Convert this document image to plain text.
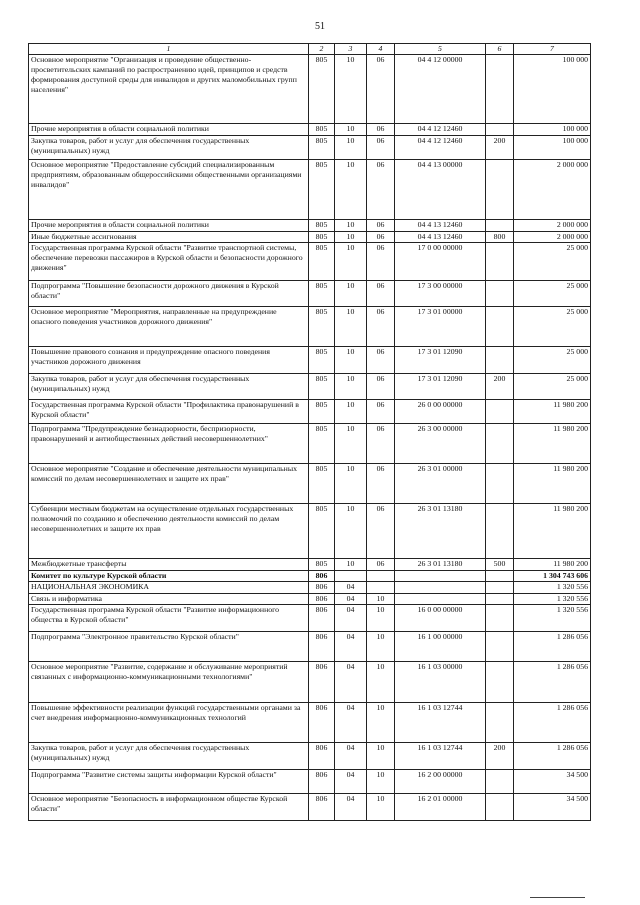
51
1	2	3	4	5	6	7
Основное мероприятие "Организация и проведение общественно-просветительских кампаний по распространению идей, принципов и средств формирования доступной среды для инвалидов и других маломобильных групп населения"	805	10	06	04 4 12 00000		100 000
Прочие мероприятия в области социальной политики	805	10	06	04 4 12 12460		100 000
Закупка товаров, работ и услуг для обеспечения государственных (муниципальных) нужд	805	10	06	04 4 12 12460	200	100 000
Основное мероприятие "Предоставление субсидий специализированным предприятиям, образованным общероссийскими общественными организациями инвалидов"	805	10	06	04 4 13 00000		2 000 000
Прочие мероприятия в области социальной политики	805	10	06	04 4 13 12460		2 000 000
Иные бюджетные ассигнования	805	10	06	04 4 13 12460	800	2 000 000
Государственная программа Курской области "Развитие транспортной системы, обеспечение перевозки пассажиров в Курской области и безопасности дорожного движения"	805	10	06	17 0 00 00000		25 000
Подпрограмма "Повышение безопасности дорожного движения в Курской области"	805	10	06	17 3 00 00000		25 000
Основное мероприятие "Мероприятия, направленные на предупреждение опасного поведения участников дорожного движения"	805	10	06	17 3 01 00000		25 000
Повышение правового сознания и предупреждение опасного поведения участников дорожного движения	805	10	06	17 3 01 12090		25 000
Закупка товаров, работ и услуг для обеспечения государственных (муниципальных) нужд	805	10	06	17 3 01 12090	200	25 000
Государственная программа Курской области "Профилактика правонарушений в Курской области"	805	10	06	26 0 00 00000		11 980 200
Подпрограмма "Предупреждение безнадзорности, беспризорности, правонарушений и антиобщественных действий несовершеннолетних"	805	10	06	26 3 00 00000		11 980 200
Основное мероприятие "Создание и обеспечение деятельности муниципальных комиссий по делам несовершеннолетних и защите их прав"	805	10	06	26 3 01 00000		11 980 200
Субвенции местным бюджетам на осуществление отдельных государственных полномочий по созданию и обеспечению деятельности комиссий по делам несовершеннолетних и защите их прав	805	10	06	26 3 01 13180		11 980 200
Межбюджетные трансферты	805	10	06	26 3 01 13180	500	11 980 200
Комитет по культуре Курской области	806					1 304 743 606
НАЦИОНАЛЬНАЯ ЭКОНОМИКА	806	04				1 320 556
Связь и информатика	806	04	10			1 320 556
Государственная программа Курской области "Развитие информационного общества в Курской области"	806	04	10	16 0 00 00000		1 320 556
Подпрограмма "Электронное правительство Курской области"	806	04	10	16 1 00 00000		1 286 056
Основное мероприятие "Развитие, содержание и обслуживание мероприятий связанных с информационно-коммуникационными технологиями"	806	04	10	16 1 03 00000		1 286 056
Повышение эффективности реализации функций государственными органами за счет внедрения информационно-коммуникационных технологий	806	04	10	16 1 03 12744		1 286 056
Закупка товаров, работ и услуг для обеспечения государственных (муниципальных) нужд	806	04	10	16 1 03 12744	200	1 286 056
Подпрограмма "Развитие системы защиты информации Курской области"	806	04	10	16 2 00 00000		34 500
Основное мероприятие "Безопасность в информационном обществе Курской области"	806	04	10	16 2 01 00000		34 500
